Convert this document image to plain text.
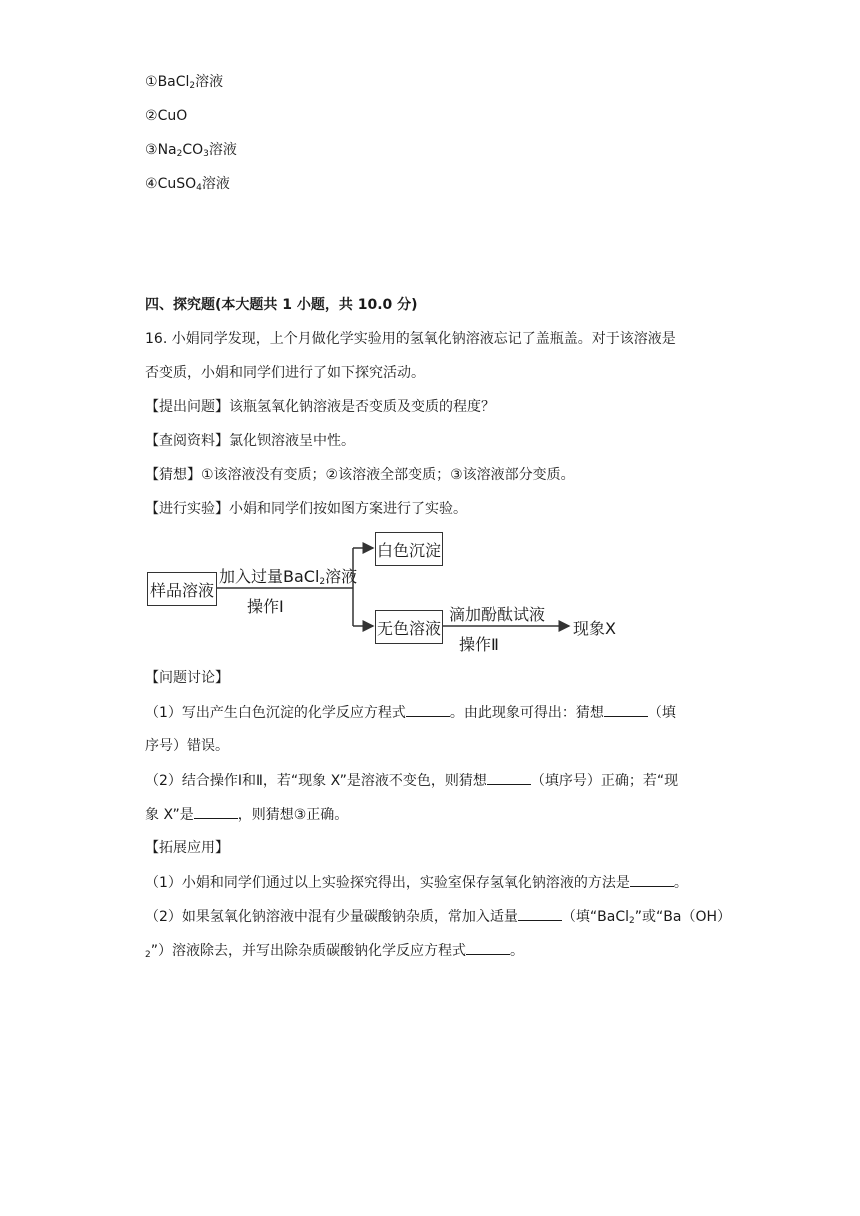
①BaCl$_2$溶液
②CuO
$③Na_2CO_3$溶液
④CuSO$_4$溶液
四、探究题(本大题共 1 小题，共 10.0 分)
16. 小娟同学发现，上个月做化学实验用的氢氧化钠溶液忘记了盖瓶盖。对于该溶液是
否变质，小娟和同学们进行了如下探究活动。
【提出问题】该瓶氢氧化钠溶液是否变质及变质的程度？
【查阅资料】氯化钡溶液呈中性。
【猜想】①该溶液没有变质；②该溶液全部变质；③该溶液部分变质。
【进行实验】小娟和同学们按如图方案进行了实验。
样品溶液
加入过量BaCl$_2$溶液
操作Ⅰ
白色沉淀
无色溶液
滴加酚酞试液
操作Ⅱ
现象X
【问题讨论】
（1）写出产生白色沉淀的化学反应方程式	。由此现象可得出：猜想	（填
序号）错误。
（2）结合操作Ⅰ和Ⅱ，若“现象 X”是溶液不变色，则猜想	（填序号）正确；若“现
象 X”是	，则猜想③正确。
【拓展应用】
（1）小娟和同学们通过以上实验探究得出，实验室保存氢氧化钠溶液的方法是	。
（2）如果氢氧化钠溶液中混有少量碳酸钠杂质，常加入适量	（填“BaCl$_2$”或“Ba（OH）
$_2$”）溶液除去，并写出除杂质碳酸钠化学反应方程式	。
